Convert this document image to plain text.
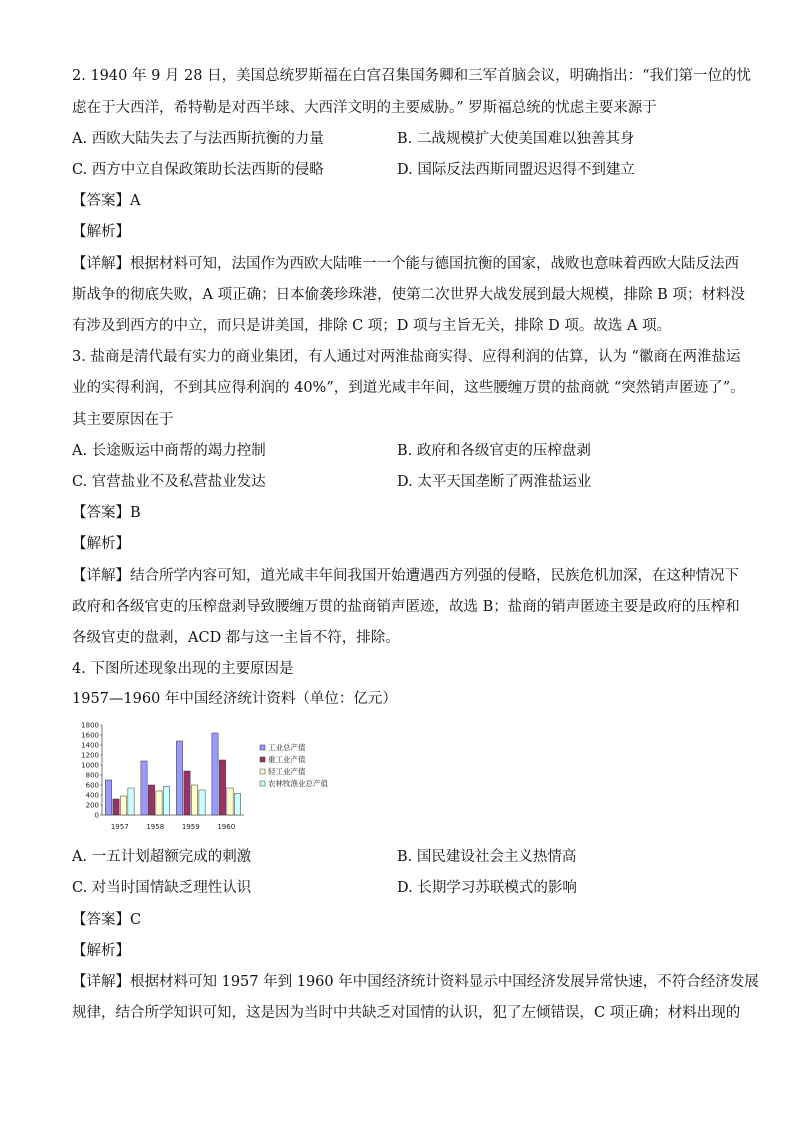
2. 1940 年 9 月 28 日，美国总统罗斯福在白宫召集国务卿和三军首脑会议，明确指出：“我们第一位的忧
虑在于大西洋，希特勒是对西半球、大西洋文明的主要威胁。” 罗斯福总统的忧虑主要来源于
A. 西欧大陆失去了与法西斯抗衡的力量	B. 二战规模扩大使美国难以独善其身
C. 西方中立自保政策助长法西斯的侵略	D. 国际反法西斯同盟迟迟得不到建立
【答案】A
【解析】
【详解】根据材料可知，法国作为西欧大陆唯一一个能与德国抗衡的国家，战败也意味着西欧大陆反法西
斯战争的彻底失败，A 项正确；日本偷袭珍珠港，使第二次世界大战发展到最大规模，排除 B 项；材料没
有涉及到西方的中立，而只是讲美国，排除 C 项；D 项与主旨无关，排除 D 项。故选 A 项。
3. 盐商是清代最有实力的商业集团，有人通过对两淮盐商实得、应得利润的估算，认为 “徽商在两淮盐运
业的实得利润，不到其应得利润的 40%”，到道光咸丰年间，这些腰缠万贯的盐商就 “突然销声匿迹了”。
其主要原因在于
A. 长途贩运中商帮的竭力控制	B. 政府和各级官吏的压榨盘剥
C. 官营盐业不及私营盐业发达	D. 太平天国垄断了两淮盐运业
【答案】B
【解析】
【详解】结合所学内容可知，道光咸丰年间我国开始遭遇西方列强的侵略，民族危机加深，在这种情况下
政府和各级官吏的压榨盘剥导致腰缠万贯的盐商销声匿迹，故选 B；盐商的销声匿迹主要是政府的压榨和
各级官吏的盘剥，ACD 都与这一主旨不符，排除。
4. 下图所述现象出现的主要原因是
1957—1960 年中国经济统计资料（单位：亿元）
0
200
400
600
800
1000
1200
1400
1600
1800
1957	1958	1959	1960
工业总产值
重工业产值
轻工业产值
农林牧渔业总产值
A. 一五计划超额完成的刺激	B. 国民建设社会主义热情高
C. 对当时国情缺乏理性认识	D. 长期学习苏联模式的影响
【答案】C
【解析】
【详解】根据材料可知 1957 年到 1960 年中国经济统计资料显示中国经济发展异常快速，不符合经济发展
规律，结合所学知识可知，这是因为当时中共缺乏对国情的认识，犯了左倾错误，C 项正确；材料出现的
